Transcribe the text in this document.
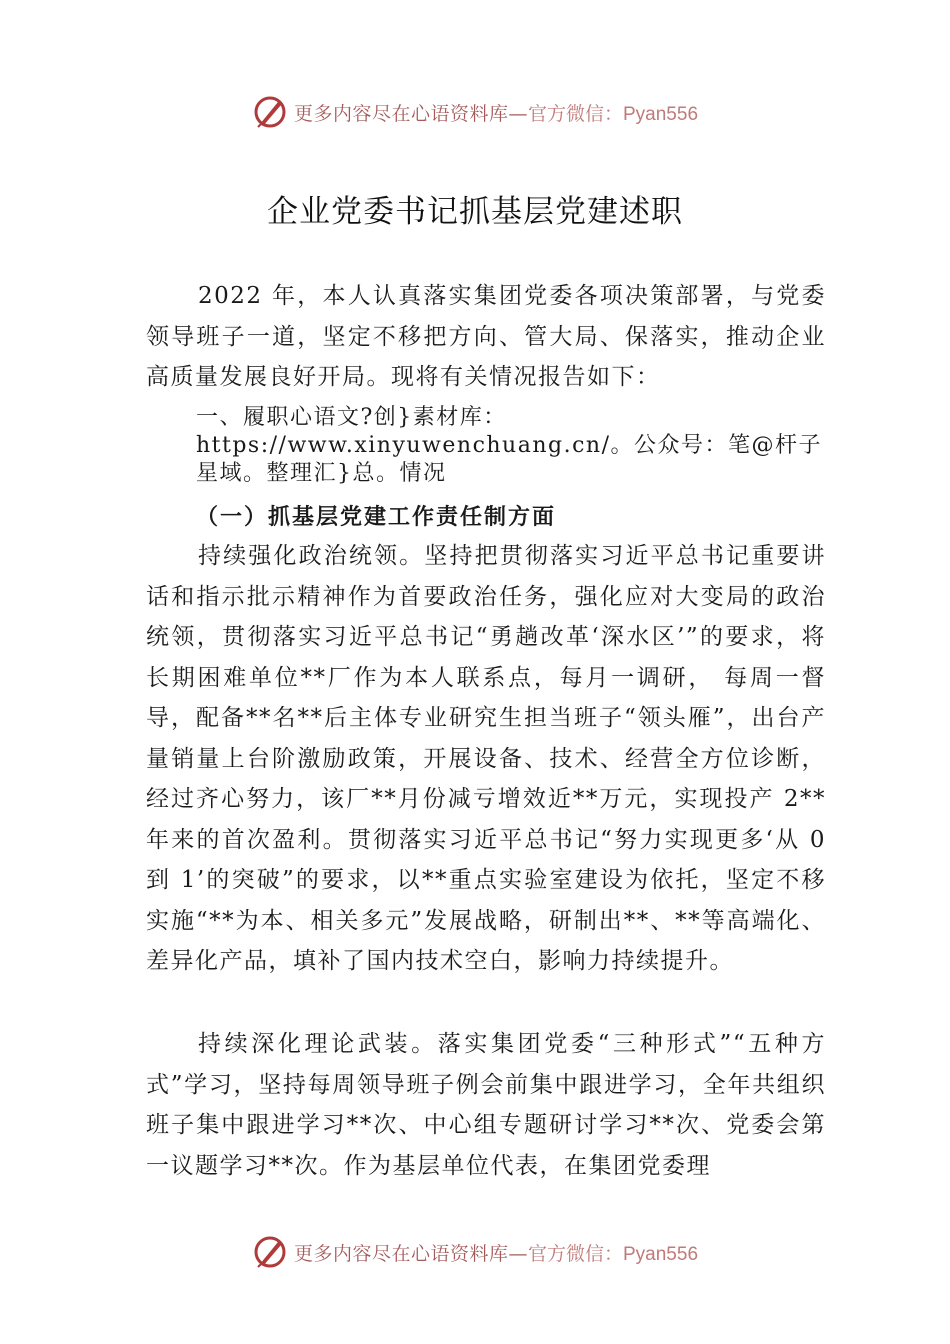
更多内容尽在心语资料库— 官方微信：Pyan556
企业党委书记抓基层党建述职

2022 年，本人认真落实集团党委各项决策部署，与党委领导班子一道，坚定不移把方向、管大局、保落实，推动企业高质量发展良好开局。现将有关情况报告如下：

一、履职心语文?创}素材库：https://www.xinyuwenchuang.cn/。公众号：笔@杆子星域。整理汇}总。情况

（一）抓基层党建工作责任制方面

持续强化政治统领。坚持把贯彻落实习近平总书记重要讲话和指示批示精神作为首要政治任务，强化应对大变局的政治统领，贯彻落实习近平总书记“勇趟改革‘深水区’”的要求，将长期困难单位**厂作为本人联系点，每月一调研， 每周一督导，配备**名**后主体专业研究生担当班子“领头雁”，出台产量销量上台阶激励政策，开展设备、技术、经营全方位诊断，经过齐心努力，该厂**月份减亏增效近**万元，实现投产 2**年来的首次盈利。贯彻落实习近平总书记“努力实现更多‘从 0 到 1’的突破”的要求，以**重点实验室建设为依托，坚定不移实施“**为本、相关多元”发展战略，研制出**、**等高端化、差异化产品，填补了国内技术空白，影响力持续提升。

持续深化理论武装。落实集团党委“三种形式”“五种方式”学习，坚持每周领导班子例会前集中跟进学习，全年共组织班子集中跟进学习**次、中心组专题研讨学习**次、党委会第一议题学习**次。作为基层单位代表，在集团党委理

更多内容尽在心语资料库— 官方微信：Pyan556
